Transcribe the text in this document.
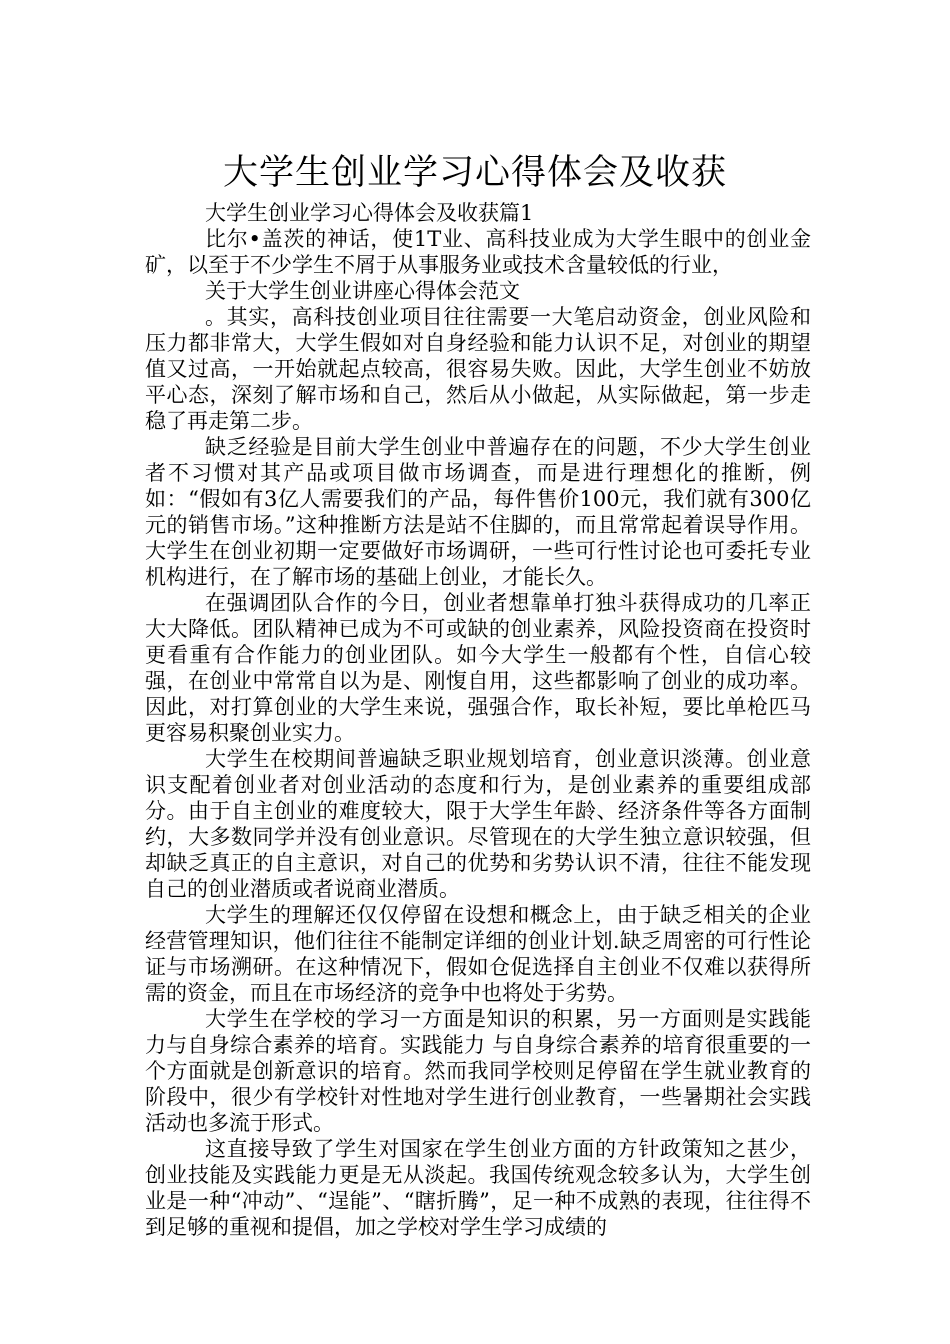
大学生创业学习心得体会及收获

大学生创业学习心得体会及收获篇1

比尔•盖茨的神话，使1T业、高科技业成为大学生眼中的创业金矿，以至于不少学生不屑于从事服务业或技术含量较低的行业，

关于大学生创业讲座心得体会范文

。其实，高科技创业项目往往需要一大笔启动资金，创业风险和压力都非常大，大学生假如对自身经验和能力认识不足，对创业的期望值又过高，一开始就起点较高，很容易失败。因此，大学生创业不妨放平心态，深刻了解市场和自己，然后从小做起，从实际做起，第一步走稳了再走第二步。

缺乏经验是目前大学生创业中普遍存在的问题，不少大学生创业者不习惯对其产品或项目做市场调查，而是进行理想化的推断，例如：“假如有3亿人需要我们的产品，每件售价100元，我们就有300亿元的销售市场。”这种推断方法是站不住脚的，而且常常起着误导作用。大学生在创业初期一定要做好市场调研，一些可行性讨论也可委托专业机构进行，在了解市场的基础上创业，才能长久。

在强调团队合作的今日，创业者想靠单打独斗获得成功的几率正大大降低。团队精神已成为不可或缺的创业素养，风险投资商在投资时更看重有合作能力的创业团队。如今大学生一般都有个性，自信心较强，在创业中常常自以为是、刚愎自用，这些都影响了创业的成功率。因此，对打算创业的大学生来说，强强合作，取长补短，要比单枪匹马更容易积聚创业实力。

大学生在校期间普遍缺乏职业规划培育，创业意识淡薄。创业意识支配着创业者对创业活动的态度和行为，是创业素养的重要组成部分。由于自主创业的难度较大，限于大学生年龄、经济条件等各方面制约，大多数同学并没有创业意识。尽管现在的大学生独立意识较强，但却缺乏真正的自主意识，对自己的优势和劣势认识不清，往往不能发现自己的创业潜质或者说商业潜质。

大学生的理解还仅仅停留在设想和概念上，由于缺乏相关的企业经营管理知识，他们往往不能制定详细的创业计划.缺乏周密的可行性论证与市场溯研。在这种情况下，假如仓促选择自主创业不仅难以获得所需的资金，而且在市场经济的竞争中也将处于劣势。

大学生在学校的学习一方面是知识的积累，另一方面则是实践能力与自身综合素养的培育。实践能力 与自身综合素养的培育很重要的一个方面就是创新意识的培育。然而我同学校则足停留在学生就业教育的阶段中，很少有学校针对性地对学生进行创业教育，一些暑期社会实践活动也多流于形式。

这直接导致了学生对国家在学生创业方面的方针政策知之甚少，创业技能及实践能力更是无从淡起。我国传统观念较多认为，大学生创业是一种“冲动”、“逞能”、“瞎折腾”，足一种不成熟的表现，往往得不到足够的重视和提倡，加之学校对学生学习成绩的
